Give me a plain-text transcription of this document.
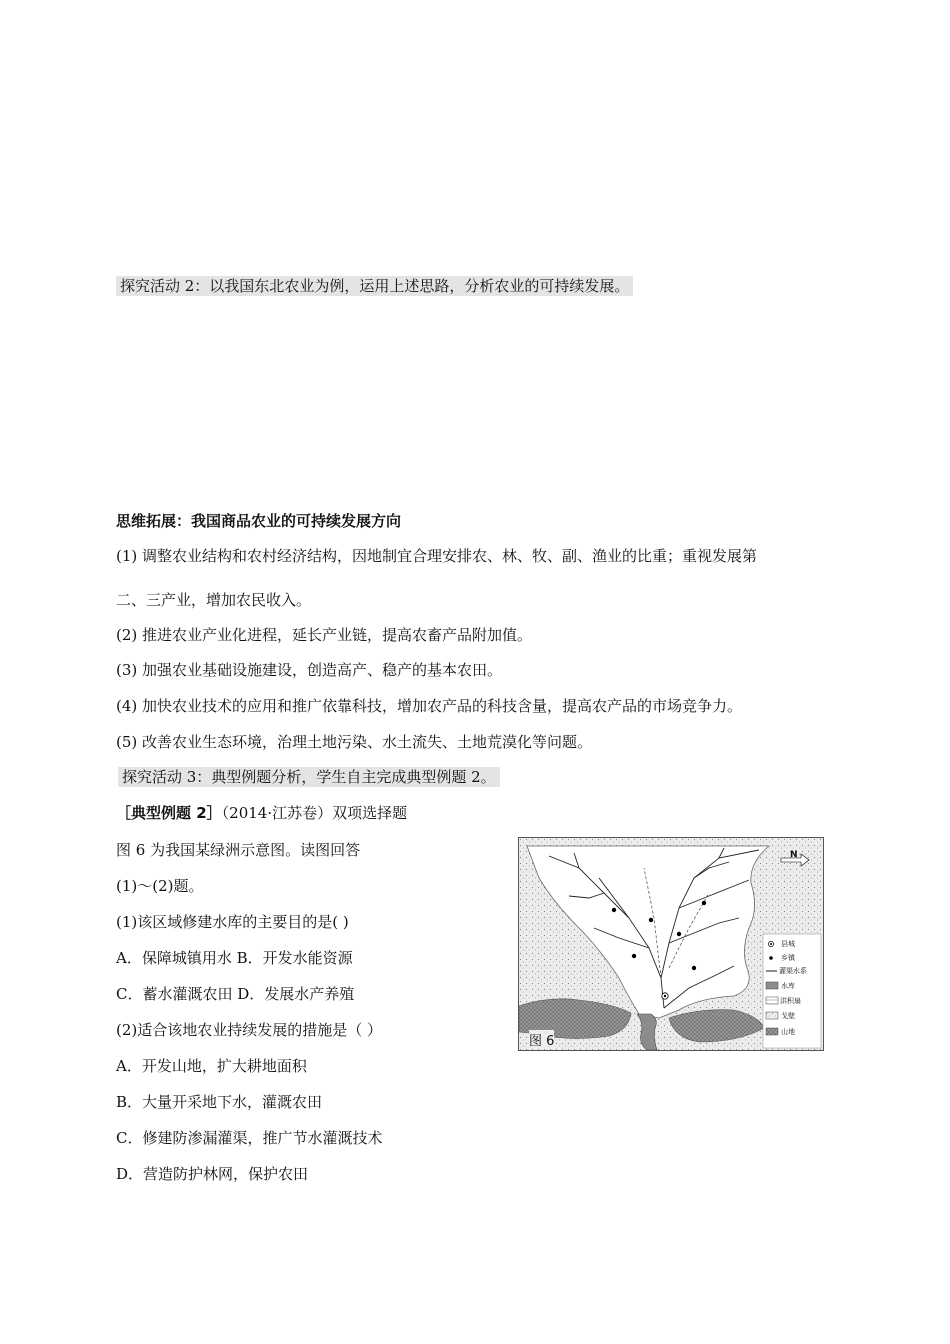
探究活动 2：以我国东北农业为例，运用上述思路，分析农业的可持续发展。
思维拓展：我国商品农业的可持续发展方向
(1) 调整农业结构和农村经济结构，因地制宜合理安排农、林、牧、副、渔业的比重；重视发展第
二、三产业，增加农民收入。
(2) 推进农业产业化进程，延长产业链，提高农畜产品附加值。
(3) 加强农业基础设施建设，创造高产、稳产的基本农田。
(4) 加快农业技术的应用和推广依靠科技，增加农产品的科技含量，提高农产品的市场竞争力。
(5) 改善农业生态环境，治理土地污染、水土流失、土地荒漠化等问题。
探究活动 3：典型例题分析，学生自主完成典型例题 2。
［典型例题 2］（2014·江苏卷）双项选择题
图 6 为我国某绿洲示意图。读图回答
(1)～(2)题。
(1)该区域修建水库的主要目的是( )
A．保障城镇用水 B．开发水能资源
C．蓄水灌溉农田 D．发展水产养殖
(2)适合该地农业持续发展的措施是（ ）
A．开发山地，扩大耕地面积
B．大量开采地下水，灌溉农田
C．修建防渗漏灌渠，推广节水灌溉技术
D．营造防护林网，保护农田
N
图 6
县城
乡镇
灌渠水系
水库
洪积扇
戈壁
山地
